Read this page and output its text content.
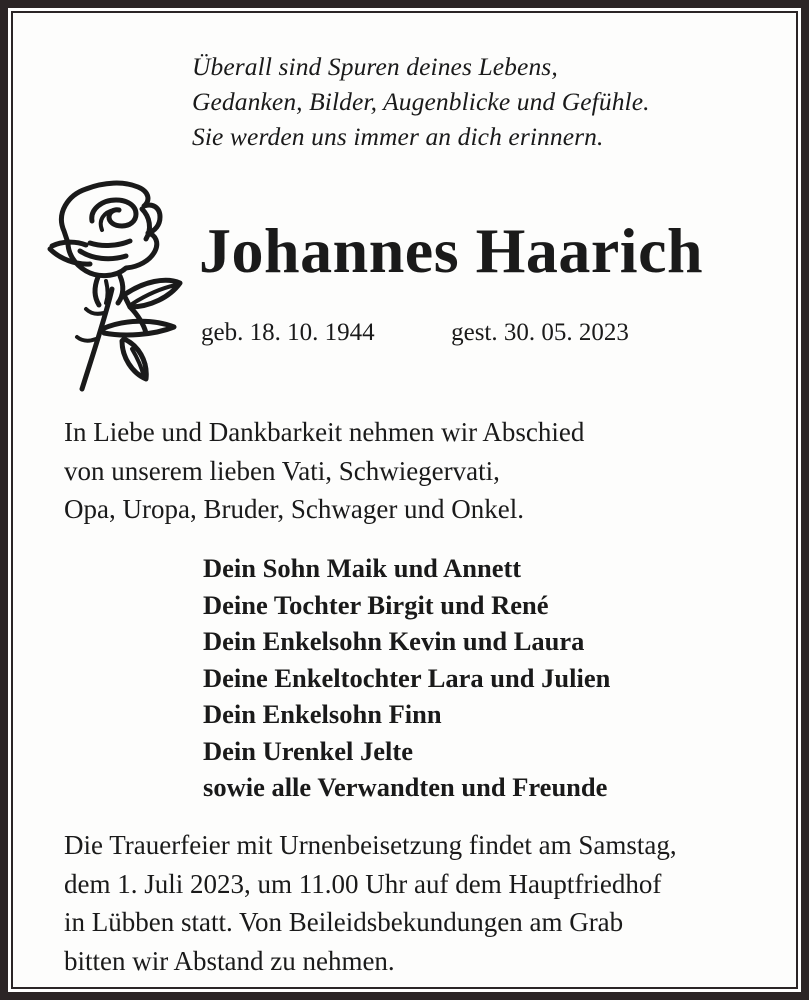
Überall sind Spuren deines Lebens,
Gedanken, Bilder, Augenblicke und Gefühle.
Sie werden uns immer an dich erinnern.
Johannes Haarich
geb. 18. 10. 1944	gest. 30. 05. 2023
In Liebe und Dankbarkeit nehmen wir Abschied
von unserem lieben Vati, Schwiegervati,
Opa, Uropa, Bruder, Schwager und Onkel.
Dein Sohn Maik und Annett
Deine Tochter Birgit und René
Dein Enkelsohn Kevin und Laura
Deine Enkeltochter Lara und Julien
Dein Enkelsohn Finn
Dein Urenkel Jelte
sowie alle Verwandten und Freunde
Die Trauerfeier mit Urnenbeisetzung findet am Samstag,
dem 1. Juli 2023, um 11.00 Uhr auf dem Hauptfriedhof
in Lübben statt. Von Beileidsbekundungen am Grab
bitten wir Abstand zu nehmen.
